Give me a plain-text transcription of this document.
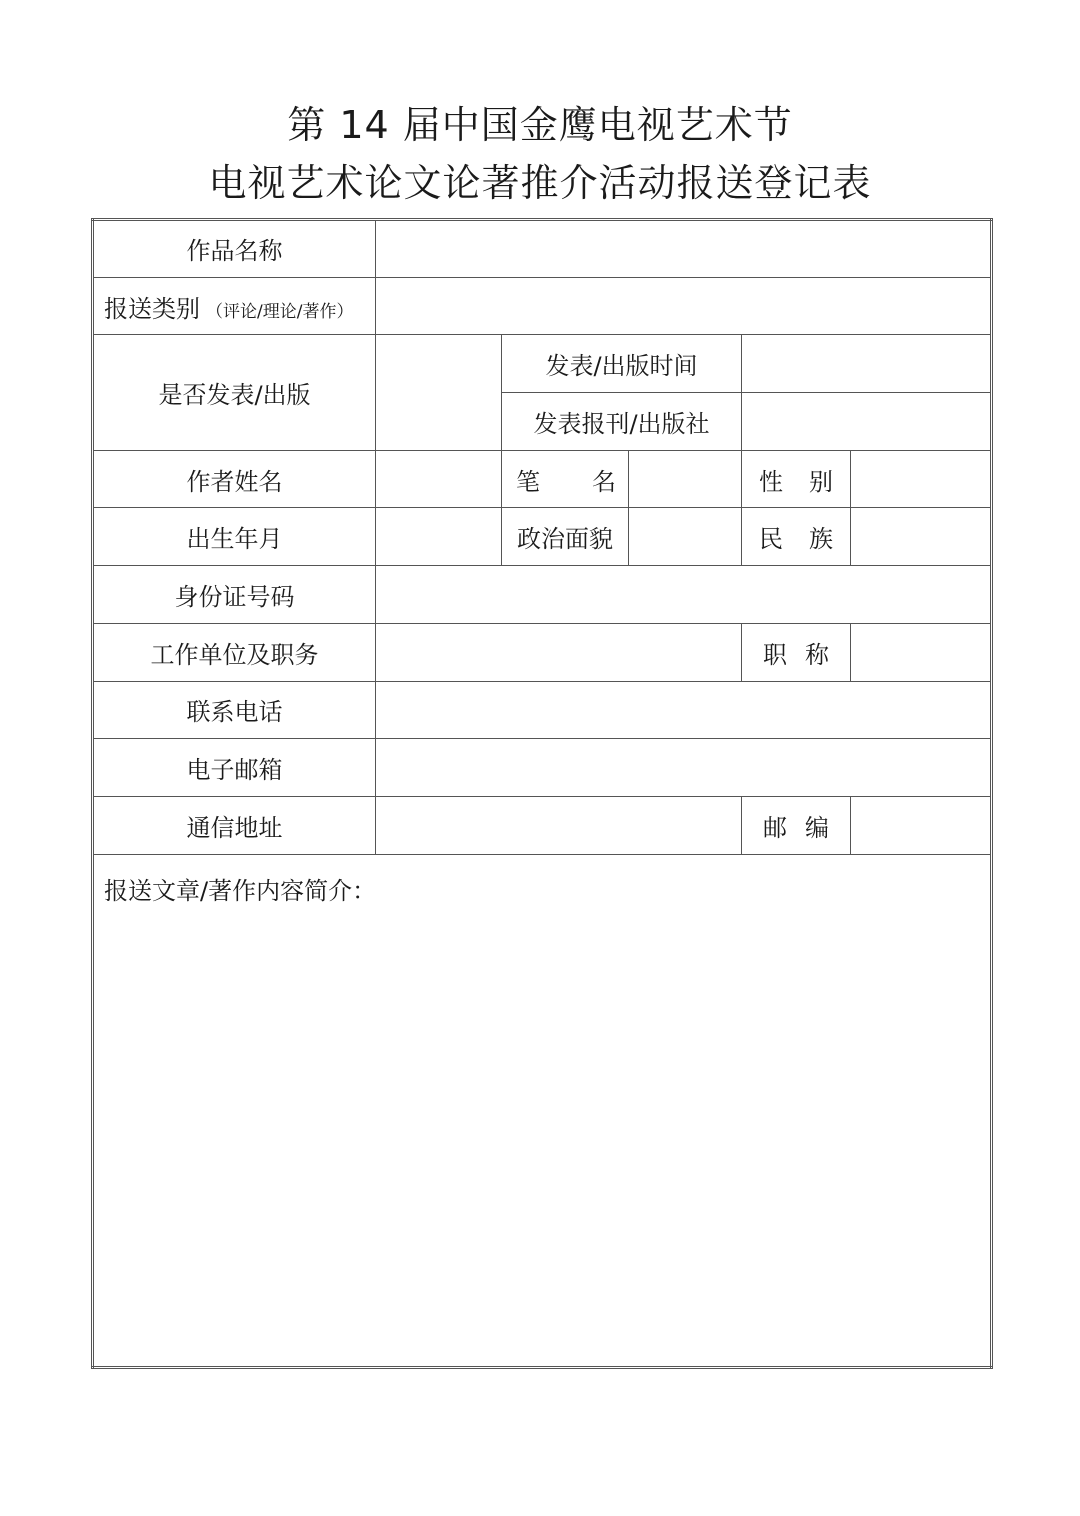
第 14 届中国金鹰电视艺术节
电视艺术论文论著推介活动报送登记表
作品名称					
报送类别 （评论/理论/著作）					
是否发表/出版		发表/出版时间			
		发表报刊/出版社			
作者姓名		笔 名		性 别	

出生年月		政治面貌		民 族	

身份证号码					
工作单位及职务				职 称	

联系电话					
电子邮箱					
通信地址				邮 编	

报送文章/著作内容简介：					
